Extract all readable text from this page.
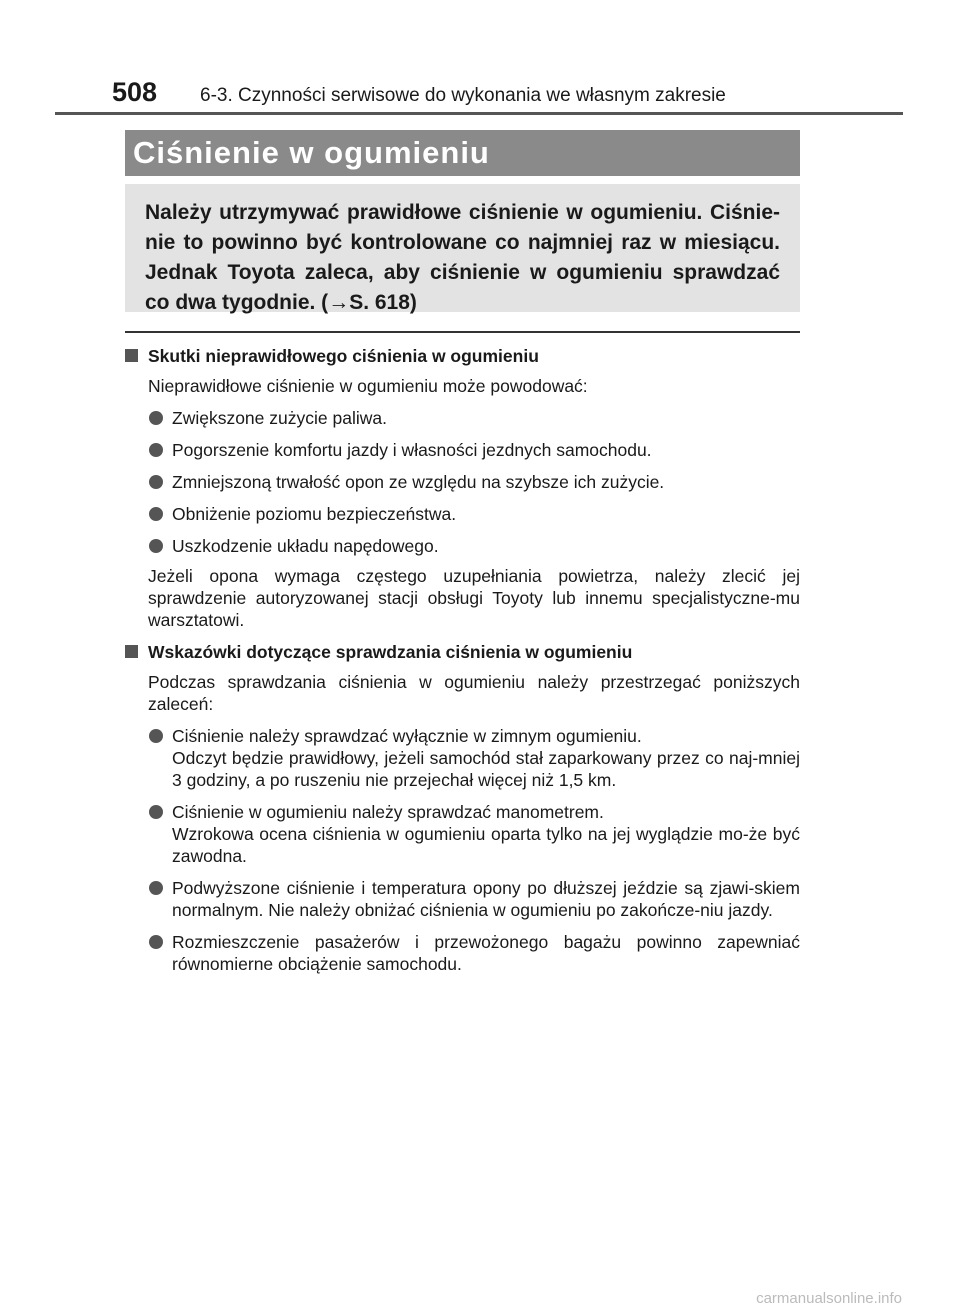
508 6-3. Czynności serwisowe do wykonania we własnym zakresie
Ciśnienie w ogumieniu
Należy utrzymywać prawidłowe ciśnienie w ogumieniu. Ciśnie-nie to powinno być kontrolowane co najmniej raz w miesiącu. Jednak Toyota zaleca, aby ciśnienie w ogumieniu sprawdzać co dwa tygodnie. (→S. 618)
Skutki nieprawidłowego ciśnienia w ogumieniu
Nieprawidłowe ciśnienie w ogumieniu może powodować:
Zwiększone zużycie paliwa.
Pogorszenie komfortu jazdy i własności jezdnych samochodu.
Zmniejszoną trwałość opon ze względu na szybsze ich zużycie.
Obniżenie poziomu bezpieczeństwa.
Uszkodzenie układu napędowego.
Jeżeli opona wymaga częstego uzupełniania powietrza, należy zlecić jej sprawdzenie autoryzowanej stacji obsługi Toyoty lub innemu specjalistyczne-mu warsztatowi.
Wskazówki dotyczące sprawdzania ciśnienia w ogumieniu
Podczas sprawdzania ciśnienia w ogumieniu należy przestrzegać poniższych zaleceń:
Ciśnienie należy sprawdzać wyłącznie w zimnym ogumieniu.
Odczyt będzie prawidłowy, jeżeli samochód stał zaparkowany przez co naj-mniej 3 godziny, a po ruszeniu nie przejechał więcej niż 1,5 km.
Ciśnienie w ogumieniu należy sprawdzać manometrem.
Wzrokowa ocena ciśnienia w ogumieniu oparta tylko na jej wyglądzie mo-że być zawodna.
Podwyższone ciśnienie i temperatura opony po dłuższej jeździe są zjawi-skiem normalnym. Nie należy obniżać ciśnienia w ogumieniu po zakończe-niu jazdy.
Rozmieszczenie pasażerów i przewożonego bagażu powinno zapewniać równomierne obciążenie samochodu.
carmanualsonline.info
